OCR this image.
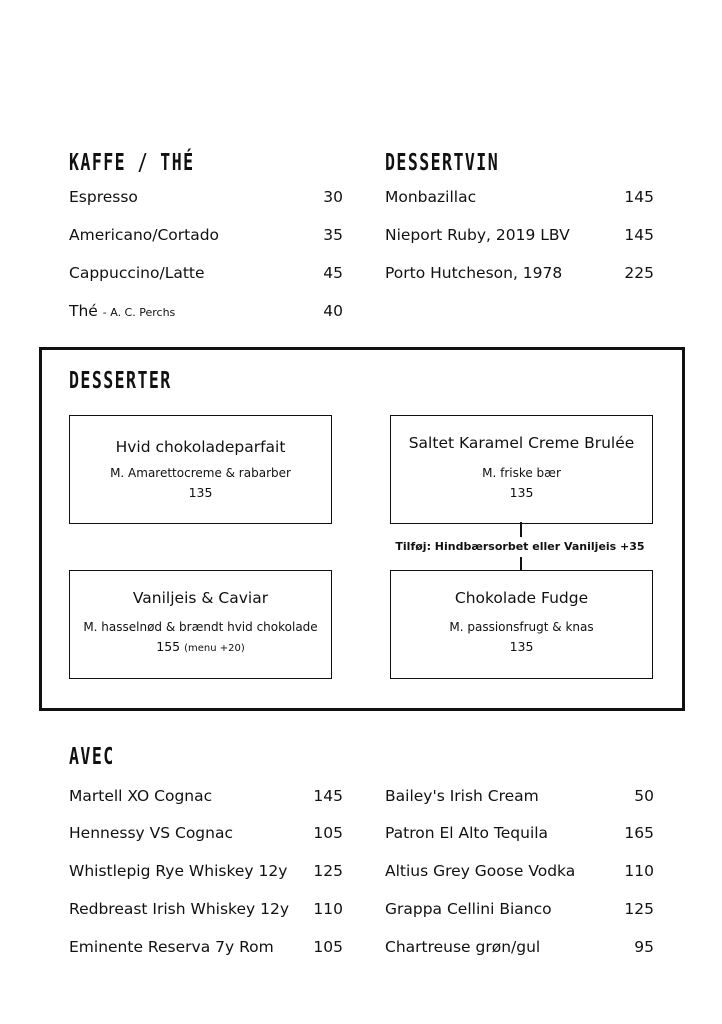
KAFFE / THÉ
Espresso	30
Americano/Cortado	35
Cappuccino/Latte	45
Thé - A. C. Perchs	40
DESSERTVIN
Monbazillac	145
Nieport Ruby, 2019 LBV	145
Porto Hutcheson, 1978	225
DESSERTER
Hvid chokoladeparfait
M. Amarettocreme & rabarber
135
Saltet Karamel Creme Brulée
M. friske bær
135
Tilføj: Hindbærsorbet eller Vaniljeis +35
Vaniljeis & Caviar
M. hasselnød & brændt hvid chokolade
155 (menu +20)
Chokolade Fudge
M. passionsfrugt & knas
135
AVEC
Martell XO Cognac	145
Hennessy VS Cognac	105
Whistlepig Rye Whiskey 12y 125
Redbreast Irish Whiskey 12y 110
Eminente Reserva 7y Rom	105
Bailey's Irish Cream	50
Patron El Alto Tequila	165
Altius Grey Goose Vodka	110
Grappa Cellini Bianco	125
Chartreuse grøn/gul	95
